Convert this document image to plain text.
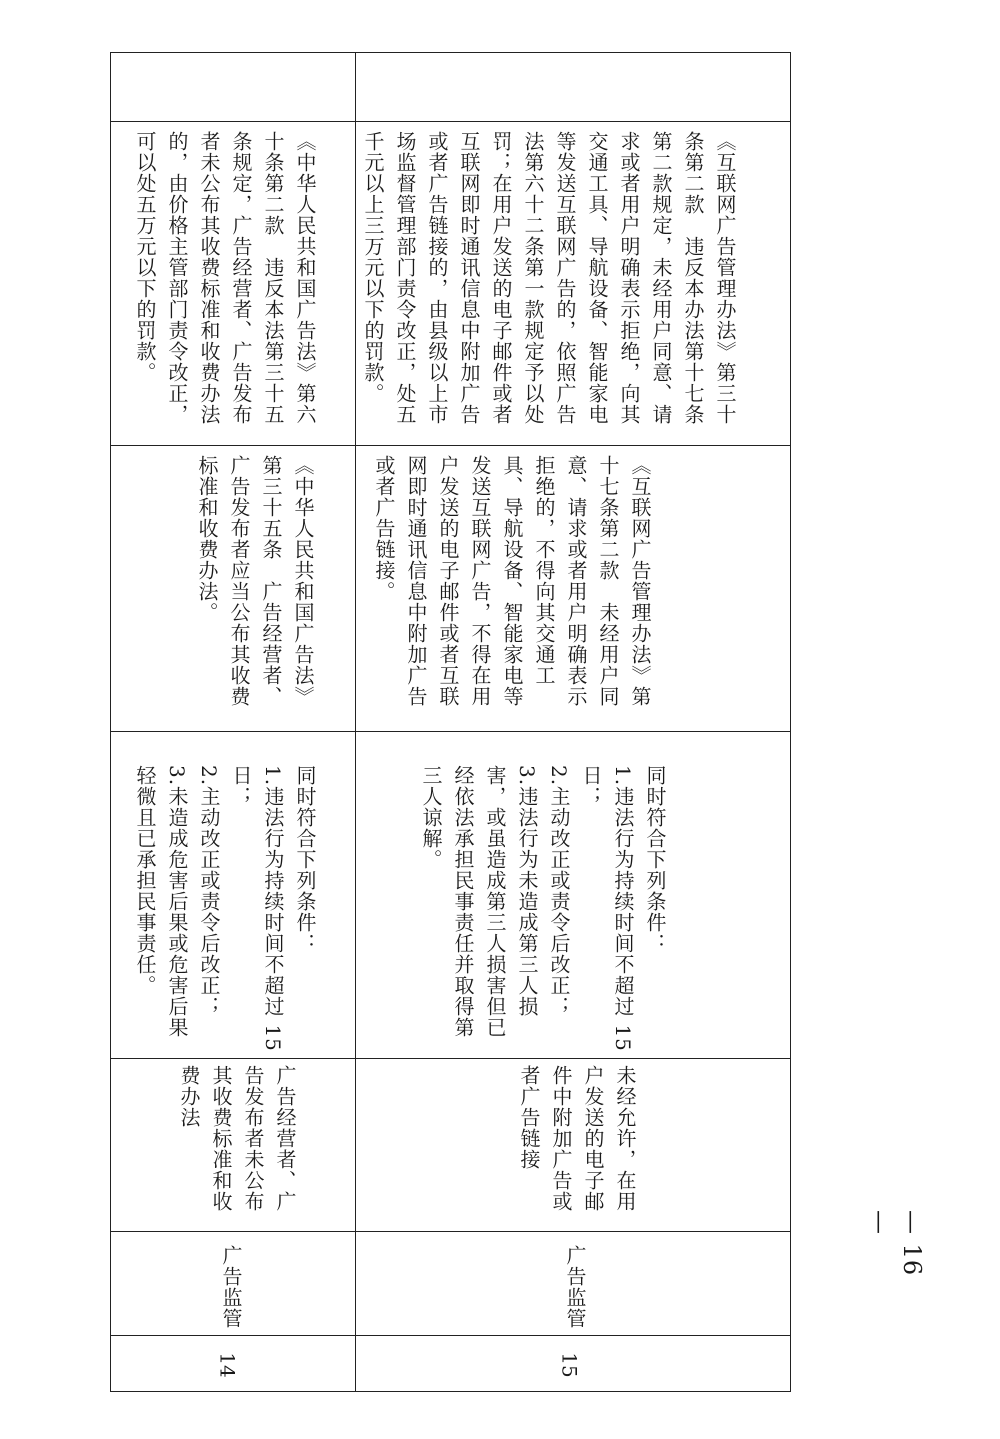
14
广告监管
广告经营者、广告发布者未公布其收费标准和收费办法
同时符合下列条件：
1.违法行为持续时间不超过 15 日；
2.主动改正或责令后改正；
3.未造成危害后果或危害后果轻微且已承担民事责任。
《中华人民共和国广告法》第三十五条　广告经营者、广告发布者应当公布其收费标准和收费办法。
《中华人民共和国广告法》第六十条第二款　违反本法第三十五条规定，广告经营者、广告发布者未公布其收费标准和收费办法的，由价格主管部门责令改正，可以处五万元以下的罚款。
15
广告监管
未经允许，在用户发送的电子邮件中附加广告或者广告链接
同时符合下列条件：
1.违法行为持续时间不超过 15 日；
2.主动改正或责令后改正；
3.违法行为未造成第三人损害，或虽造成第三人损害但已经依法承担民事责任并取得第三人谅解。
《互联网广告管理办法》第十七条第二款　未经用户同意、请求或者用户明确表示拒绝的，不得向其交通工具、导航设备、智能家电等发送互联网广告，不得在用户发送的电子邮件或者互联网即时通讯信息中附加广告或者广告链接。
《互联网广告管理办法》第三十条第二款　违反本办法第十七条第二款规定，未经用户同意、请求或者用户明确表示拒绝，向其交通工具、导航设备、智能家电等发送互联网广告的，依照广告法第六十二条第一款规定予以处罚；在用户发送的电子邮件或者互联网即时通讯信息中附加广告或者广告链接的，由县级以上市场监督管理部门责令改正，处五千元以上三万元以下的罚款。
— 16 —
